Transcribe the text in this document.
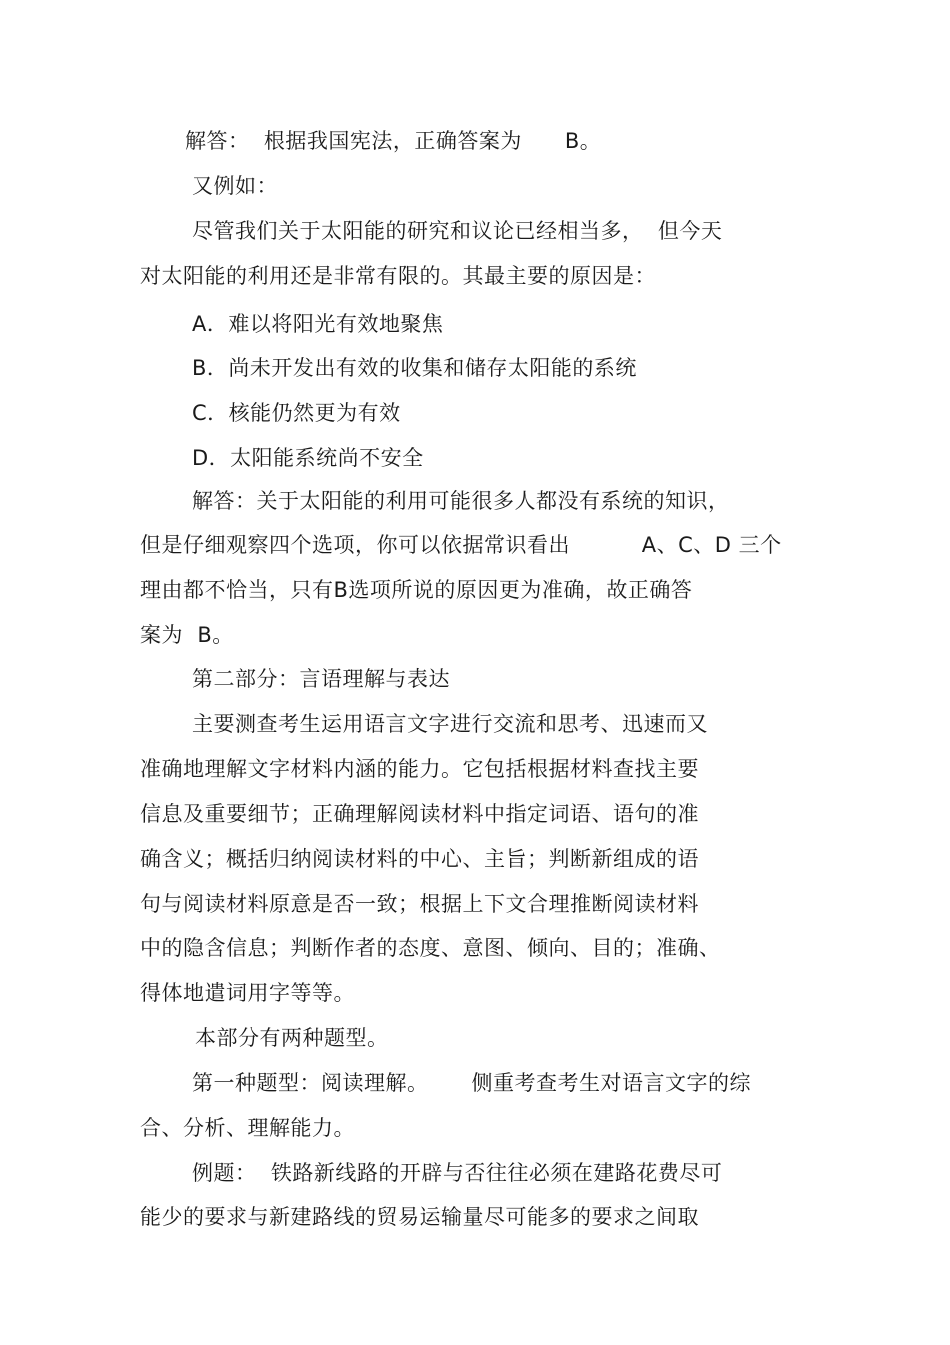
解答：  根据我国宪法，正确答案为      B。
又例如：
尽管我们关于太阳能的研究和议论已经相当多，  但今天
对太阳能的利用还是非常有限的。其最主要的原因是：
A．难以将阳光有效地聚焦
B．尚未开发出有效的收集和储存太阳能的系统
C．核能仍然更为有效
D．太阳能系统尚不安全
解答：关于太阳能的利用可能很多人都没有系统的知识，
但是仔细观察四个选项，你可以依据常识看出          A、C、D 三个
理由都不恰当，只有B选项所说的原因更为准确，故正确答
案为  B。
第二部分：言语理解与表达
主要测查考生运用语言文字进行交流和思考、迅速而又
准确地理解文字材料内涵的能力。它包括根据材料查找主要
信息及重要细节；正确理解阅读材料中指定词语、语句的准
确含义；概括归纳阅读材料的中心、主旨；判断新组成的语
句与阅读材料原意是否一致；根据上下文合理推断阅读材料
中的隐含信息；判断作者的态度、意图、倾向、目的；准确、
得体地遣词用字等等。
本部分有两种题型。
第一种题型：阅读理解。      侧重考查考生对语言文字的综
合、分析、理解能力。
例题：  铁路新线路的开辟与否往往必须在建路花费尽可
能少的要求与新建路线的贸易运输量尽可能多的要求之间取
